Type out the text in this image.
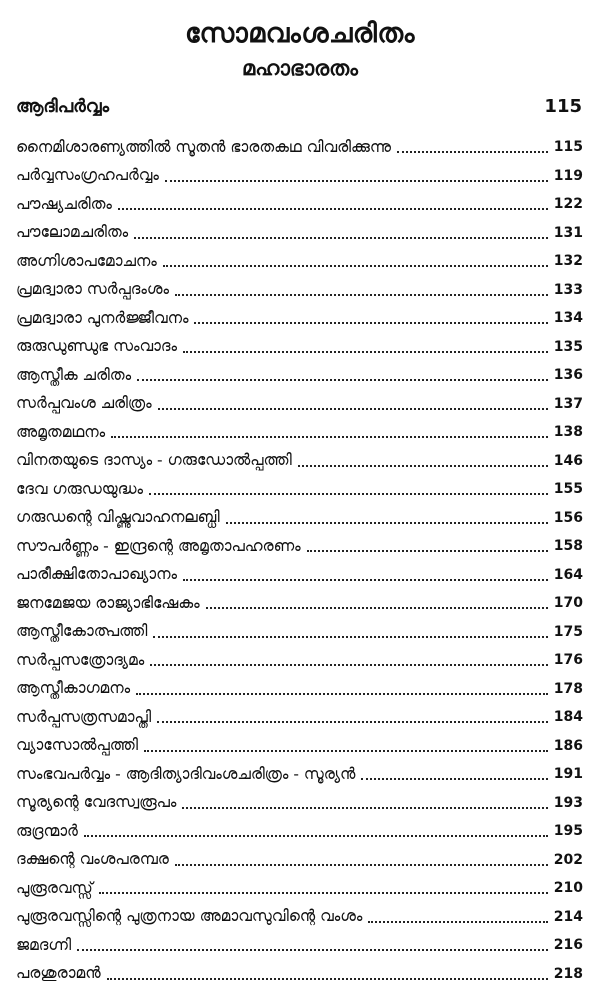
സോമവംശചരിതം
മഹാഭാരതം
ആദിപർവ്വം	115
നൈമിശാരണ്യത്തിൽ സൂതൻ ഭാരതകഥ വിവരിക്കുന്നു	115
പർവ്വസംഗ്രഹപർവ്വം	119
പൗഷ്യചരിതം	122
പൗലോമചരിതം	131
അഗ്നിശാപമോചനം	132
പ്രമദ്വാരാ സർപ്പദംശം	133
പ്രമദ്വാരാ പുനർജ്ജീവനം	134
രുരുഡുണ്ഡുഭ സംവാദം	135
ആസ്തീക ചരിതം	136
സർപ്പവംശ ചരിത്രം	137
അമൃതമഥനം	138
വിനതയുടെ ദാസ്യം - ഗരുഡോൽപ്പത്തി	146
ദേവ ഗരുഡയുദ്ധം	155
ഗരുഡന്റെ വിഷ്ണുവാഹനലബ്ധി	156
സൗപർണ്ണം - ഇന്ദ്രന്റെ അമൃതാപഹരണം	158
പാരീക്ഷിതോപാഖ്യാനം	164
ജനമേജയ രാജ്യാഭിഷേകം	170
ആസ്തീകോത്പത്തി	175
സർപ്പസത്രോദ്യമം	176
ആസ്തീകാഗമനം	178
സർപ്പസത്രസമാപ്തി	184
വ്യാസോൽപ്പത്തി	186
സംഭവപർവ്വം - ആദിത്യാദിവംശചരിത്രം - സൂര്യൻ	191
സൂര്യന്റെ വേദസ്വരൂപം	193
രുദ്രന്മാർ	195
ദക്ഷന്റെ വംശപരമ്പര	202
പുരൂരവസ്സ്	210
പുരൂരവസ്സിന്റെ പുത്രനായ അമാവസുവിന്റെ വംശം	214
ജമദഗ്നി	216
പരശുരാമൻ	218
